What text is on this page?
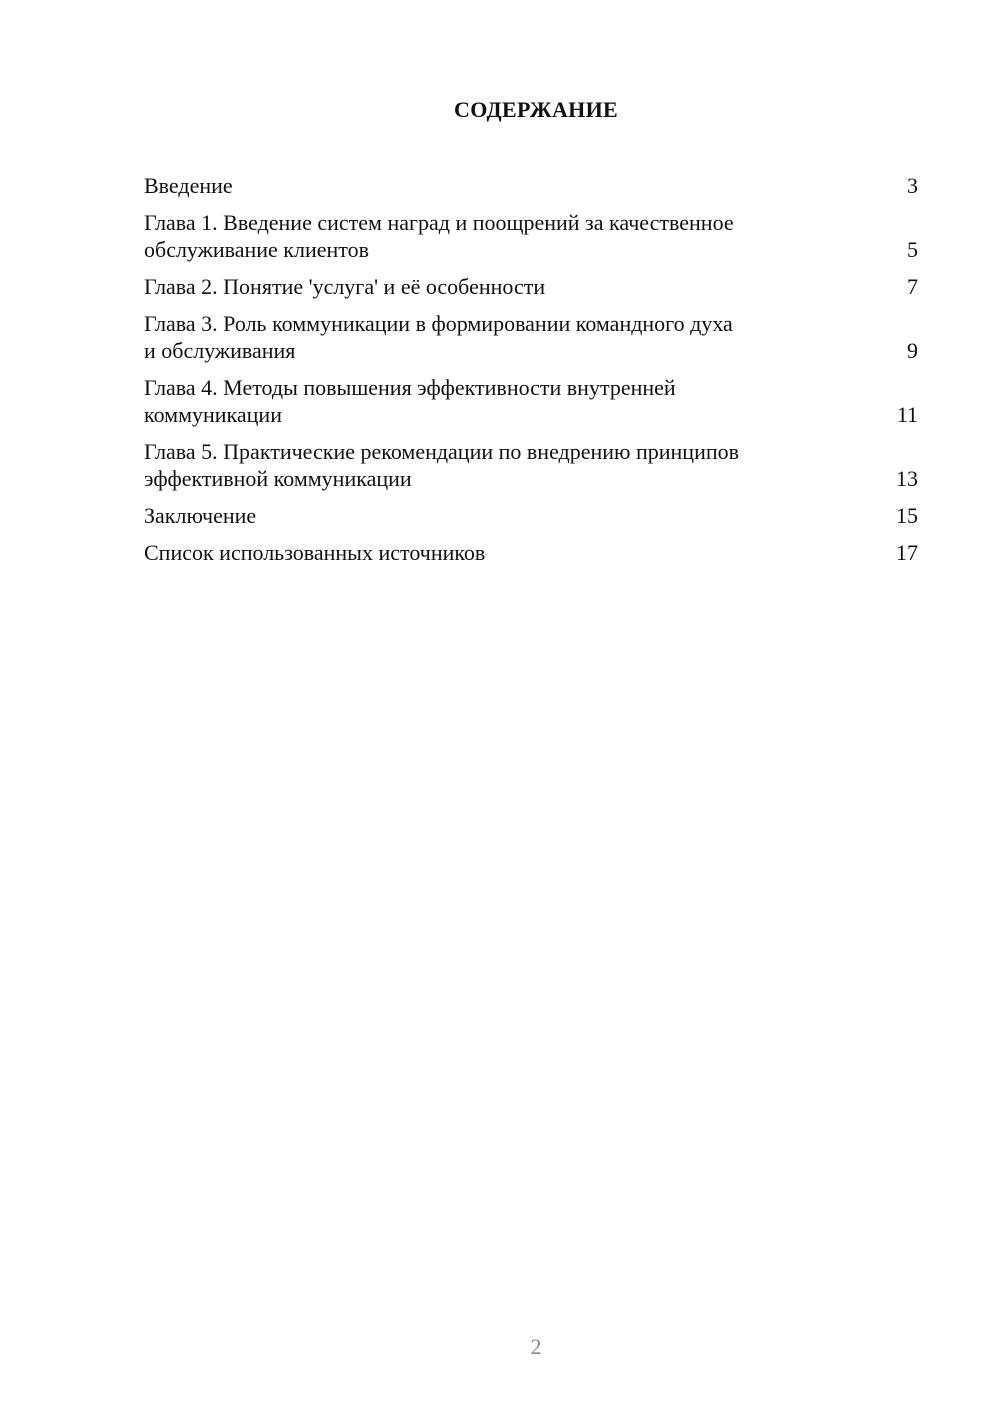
СОДЕРЖАНИЕ
Введение	3
Глава 1. Введение систем наград и поощрений за качественное
обслуживание клиентов	5
Глава 2. Понятие 'услуга' и её особенности	7
Глава 3. Роль коммуникации в формировании командного духа
и обслуживания	9
Глава 4. Методы повышения эффективности внутренней
коммуникации	11
Глава 5. Практические рекомендации по внедрению принципов
эффективной коммуникации	13
Заключение	15
Список использованных источников	17
2
